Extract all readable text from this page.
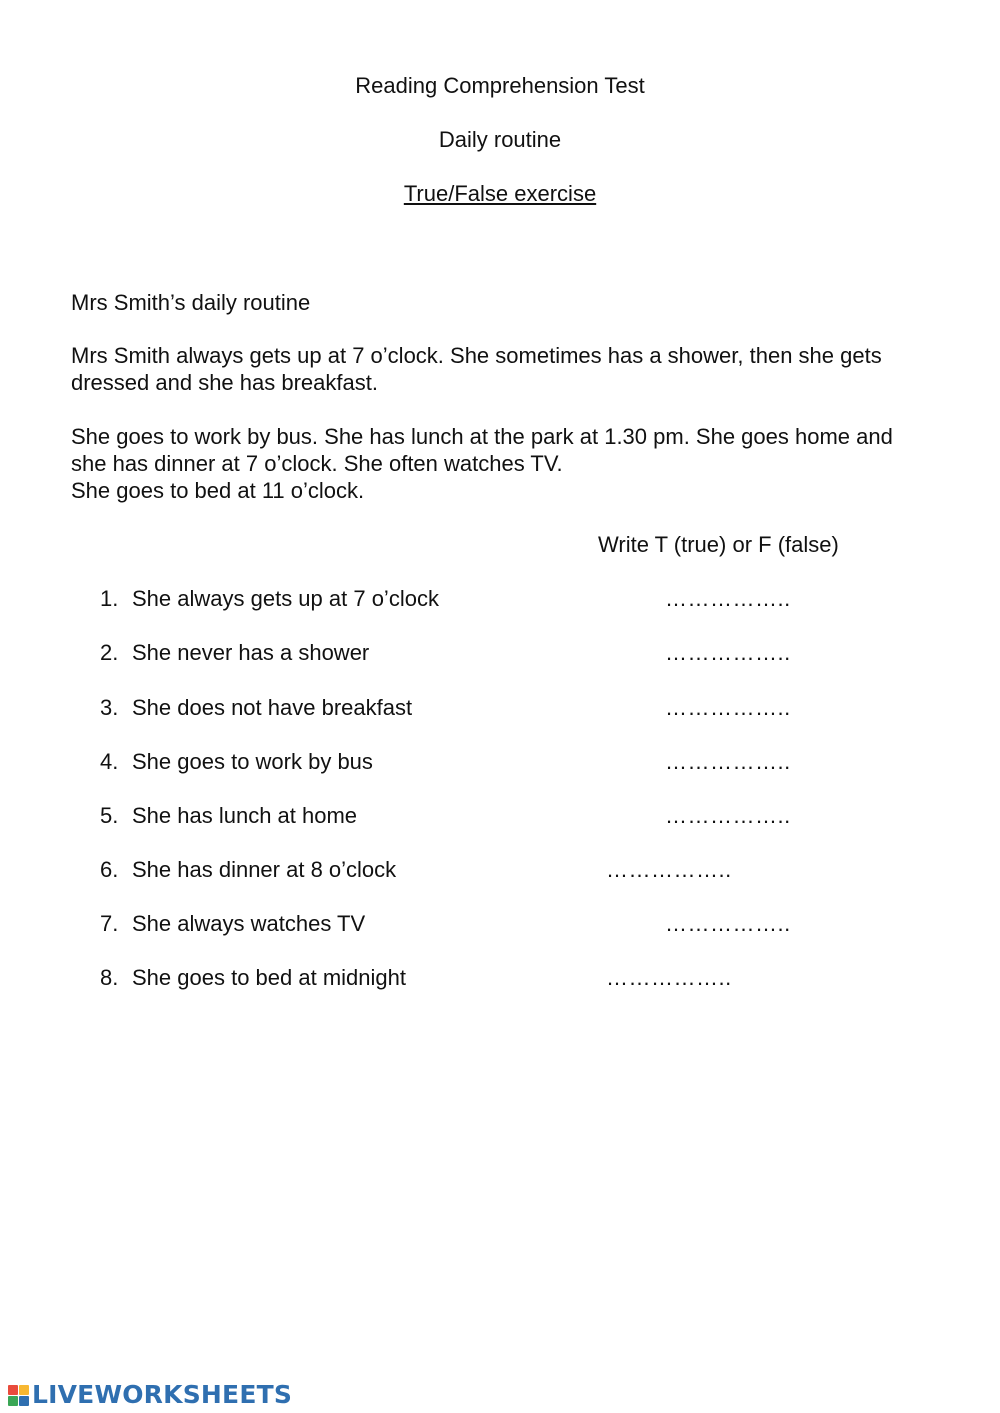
Reading Comprehension Test
Daily routine
True/False exercise
Mrs Smith’s daily routine
Mrs Smith always gets up at 7 o’clock. She sometimes has a shower, then she gets dressed and she has breakfast.
She goes to work by bus. She has lunch at the park at 1.30 pm. She goes home and she has dinner at 7 o’clock. She often watches TV.
She goes to bed at 11 o’clock.
Write T (true) or F (false)
1. She always gets up at 7 o’clock	……………..
2. She never has a shower	……………..
3. She does not have breakfast	……………..
4. She goes to work by bus	……………..
5. She has lunch at home	……………..
6. She has dinner at 8 o’clock	……………..
7. She always watches TV	……………..
8. She goes to bed at midnight	……………..
LIVEWORKSHEETS
